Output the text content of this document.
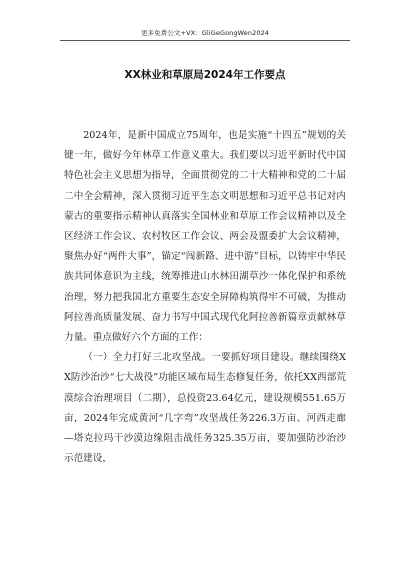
更多免费公文+VX：GliGeGongWen2024
XX林业和草原局2024年工作要点

2024年，是新中国成立75周年，也是实施“十四五”规划的关键一年，做好今年林草工作意义重大。我们要以习近平新时代中国特色社会主义思想为指导，全面贯彻党的二十大精神和党的二十届二中全会精神，深入贯彻习近平生态文明思想和习近平总书记对内蒙古的重要指示精神认真落实全国林业和草原工作会议精神以及全区经济工作会议、农村牧区工作会议、两会及盟委扩大会议精神，聚焦办好“两件大事”，锚定“闯新路、进中游”目标，以铸牢中华民族共同体意识为主线，统筹推进山水林田湖草沙一体化保护和系统治理，努力把我国北方重要生态安全屏障构筑得牢不可破，为推动阿拉善高质量发展、奋力书写中国式现代化阿拉善新篇章贡献林草力量。重点做好六个方面的工作：

（一）全力打好三北攻坚战。一要抓好项目建设。继续围绕XX防沙治沙“七大战役”功能区域布局生态修复任务，依托XX西部荒漠综合治理项目（二期），总投资23.64亿元，建设规模551.65万亩，2024年完成黄河“几字弯”攻坚战任务226.3万亩、河西走廊—塔克拉玛干沙漠边缘阻击战任务325.35万亩，要加强防沙治沙示范建设，
